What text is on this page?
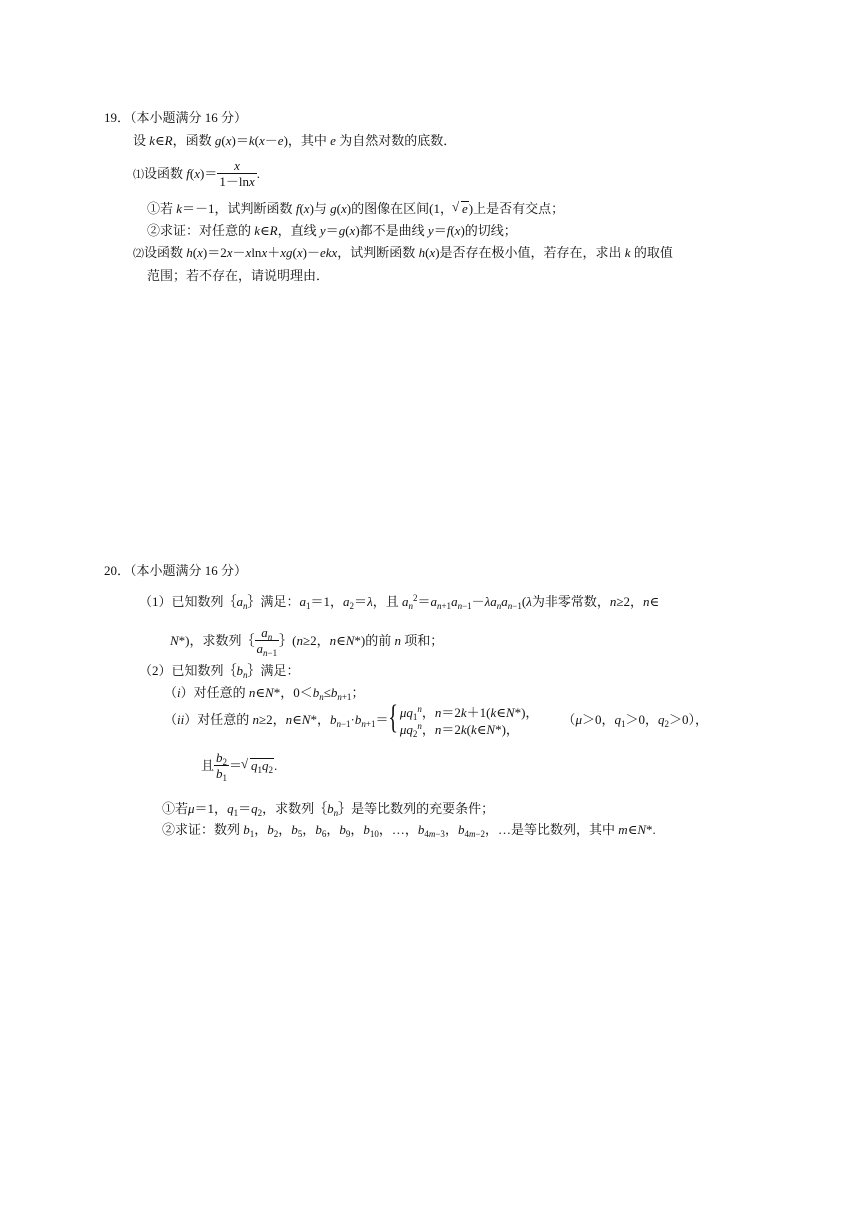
19．（本小题满分 16 分）
设 k∈R，函数 g(x)＝k(x－e)，其中 e 为自然对数的底数．
⑴设函数 $f(x)= \frac{x}{1-\ln x}$ .
①若 k＝－1，试判断函数 f(x)与 g(x)的图像在区间(1， √ e)上是否有交点；
②求证：对任意的 k∈R，直线 y＝g(x)都不是曲线 y＝f(x)的切线；
⑵设函数 h(x)＝2x－xlnx＋xg(x)－ekx，试判断函数 h(x)是否存在极小值，若存在，求出 k 的取值
范围；若不存在，请说明理由．
20．（本小题满分 16 分）
（1）已知数列$\{a_n\}$满足：$a_1=1$，$a_2=\lambda$，且 $a_n^2=a_{n+1}a_{n-1}-\lambda a_na_{n-1}(\lambda$为非零常数，n≥2，n∈
N*)，求数列｛ $\frac{a_n}{a_{n-1}}$ ｝(n≥2，n∈N*)的前 n 项和；
（2）已知数列$\{b_n\}$满足：
（i）对任意的 n∈N*，$0<b_n\le b_{n+1}$；
（ii）对任意的 n≥2，n∈N*，$b_{n-1}\cdot b_{n+1}=${ $\mu q_1^n$，n＝2k＋1(k∈N*)，
$\mu q_2^n$，n＝2k(k∈N*)，
（μ＞0，$q_1>0$，$q_2>0$），
且 $\frac{b_2}{b_1}$ ＝ √ $q_1q_2$.
①若μ＝1，$q_1=q_2$，求数列$\{b_n\}$是等比数列的充要条件；
②求证：数列 $b_1$，$b_2$，$b_5$，$b_6$，$b_9$，$b_{10}$，…，$b_{4m-3}$，$b_{4m-2}$，…是等比数列，其中 m∈N*.
